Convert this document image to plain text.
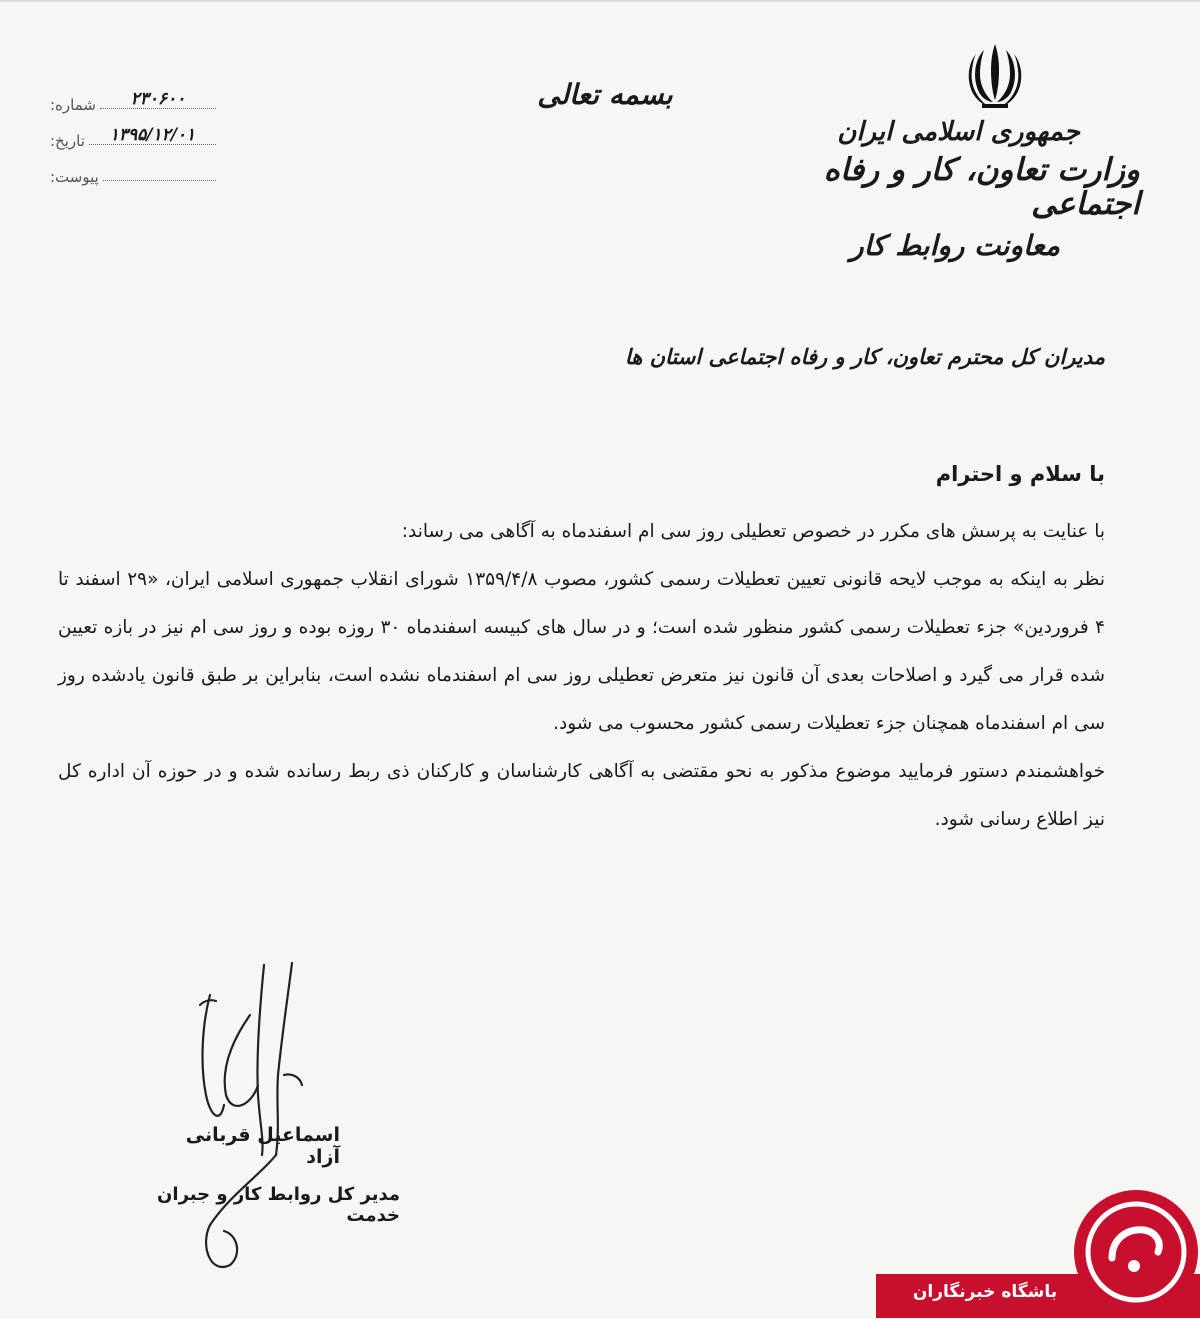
جمهوری اسلامی ایران
وزارت تعاون، کار و رفاه اجتماعی
معاونت روابط کار
بسمه تعالی
شماره:	۲۳۰۶۰۰
تاریخ:	۱۳۹۵/۱۲/۰۱
پیوست:
مدیران کل محترم تعاون، کار و رفاه اجتماعی استان ها
با سلام و احترام

با عنایت به پرسش های مکرر در خصوص تعطیلی روز سی ام اسفندماه به آگاهی می رساند:

نظر به اینکه به موجب لایحه قانونی تعیین تعطیلات رسمی کشور، مصوب ۱۳۵۹/۴/۸ شورای انقلاب جمهوری اسلامی ایران، «۲۹ اسفند تا ۴ فروردین» جزء تعطیلات رسمی کشور منظور شده است؛ و در سال های کبیسه اسفندماه ۳۰ روزه بوده و روز سی ام نیز در بازه تعیین شده قرار می گیرد و اصلاحات بعدی آن قانون نیز متعرض تعطیلی روز سی ام اسفندماه نشده است، بنابراین بر طبق قانون یادشده روز سی ام اسفندماه همچنان جزء تعطیلات رسمی کشور محسوب می شود.

خواهشمندم دستور فرمایید موضوع مذکور به نحو مقتضی به آگاهی کارشناسان و کارکنان ذی ربط رسانده شده و در حوزه آن اداره کل نیز اطلاع رسانی شود.

اسماعیل قربانی آزاد
مدیر کل روابط کار و جبران خدمت
باشگاه خبرنگاران
